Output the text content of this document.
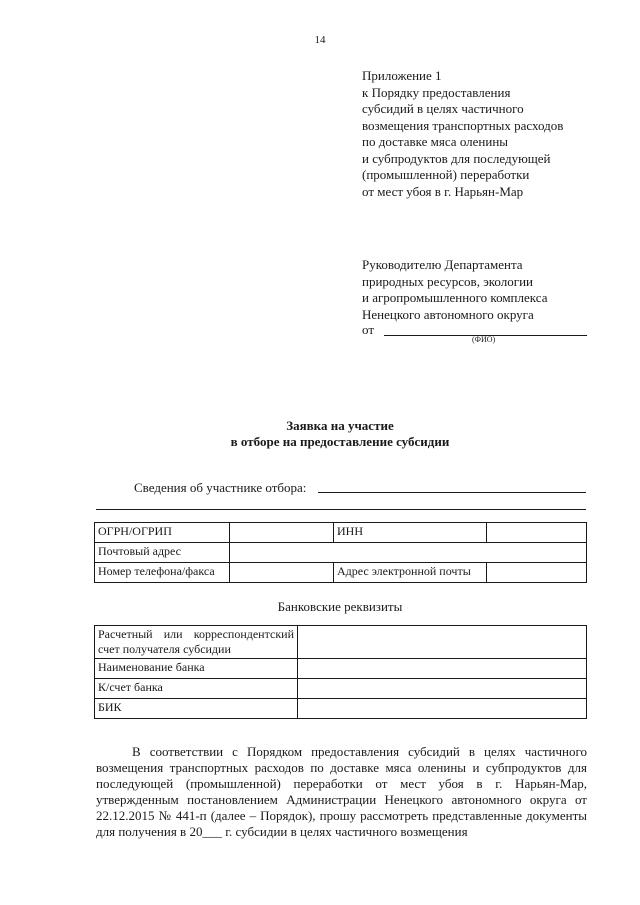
14
Приложение 1
к Порядку предоставления
субсидий в целях частичного
возмещения транспортных расходов
по доставке мяса оленины
и субпродуктов для последующей
(промышленной) переработки
от мест убоя в г. Нарьян-Мар
Руководителю Департамента
природных ресурсов, экологии
и агропромышленного комплекса
Ненецкого автономного округа
от
(ФИО)
Заявка на участие
в отборе на предоставление субсидии
Сведения об участнике отбора:
ОГРН/ОГРИП		ИНН	
Почтовый адрес			
Номер телефона/факса		Адрес электронной почты	
Банковские реквизиты
Расчетный или корреспондентский счет получателя субсидии	
Наименование банка	
К/счет банка	
БИК	
В соответствии с Порядком предоставления субсидий в целях частичного возмещения транспортных расходов по доставке мяса оленины и субпродуктов для последующей (промышленной) переработки от мест убоя в г. Нарьян-Мар, утвержденным постановлением Администрации Ненецкого автономного округа от 22.12.2015 № 441-п (далее – Порядок), прошу рассмотреть представленные документы для получения в 20___ г. субсидии в целях частичного возмещения
